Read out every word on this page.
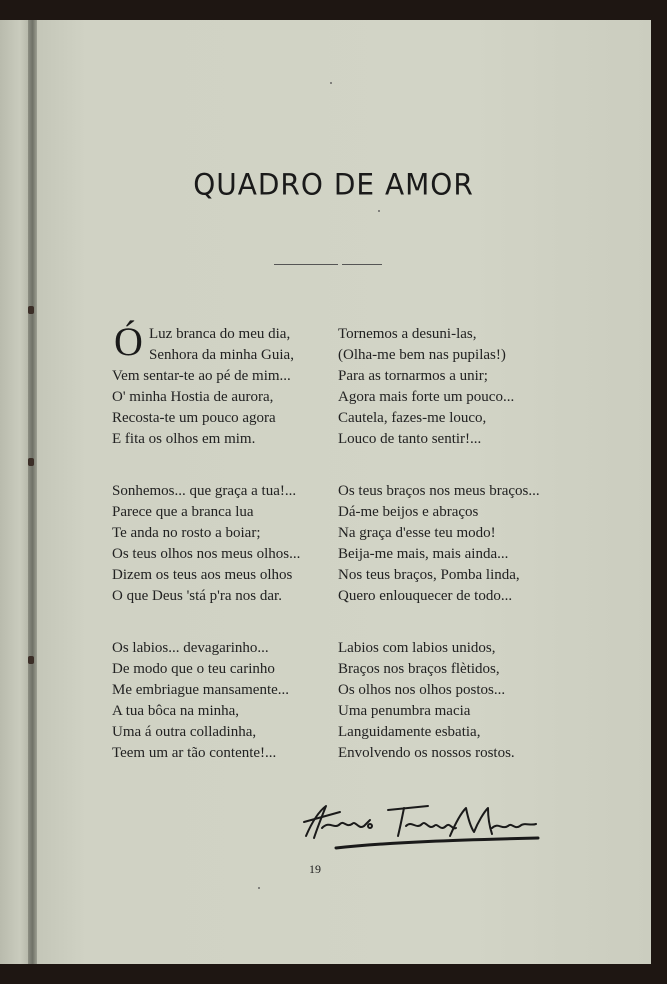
QUADRO DE AMOR
Ó Luz branca do meu dia,
Senhora da minha Guia,
Vem sentar-te ao pé de mim...
O' minha Hostia de aurora,
Recosta-te um pouco agora
E fita os olhos em mim.
Sonhemos... que graça a tua!...
Parece que a branca lua
Te anda no rosto a boiar;
Os teus olhos nos meus olhos...
Dizem os teus aos meus olhos
O que Deus 'stá p'ra nos dar.
Os labios... devagarinho...
De modo que o teu carinho
Me embriague mansamente...
A tua bôca na minha,
Uma á outra colladinha,
Teem um ar tão contente!...
Tornemos a desuni-las,
(Olha-me bem nas pupilas!)
Para as tornarmos a unir;
Agora mais forte um pouco...
Cautela, fazes-me louco,
Louco de tanto sentir!...
Os teus braços nos meus braços...
Dá-me beijos e abraços
Na graça d'esse teu modo!
Beija-me mais, mais ainda...
Nos teus braços, Pomba linda,
Quero enlouquecer de todo...
Labios com labios unidos,
Braços nos braços flètidos,
Os olhos nos olhos postos...
Uma penumbra macia
Languidamente esbatia,
Envolvendo os nossos rostos.
19
